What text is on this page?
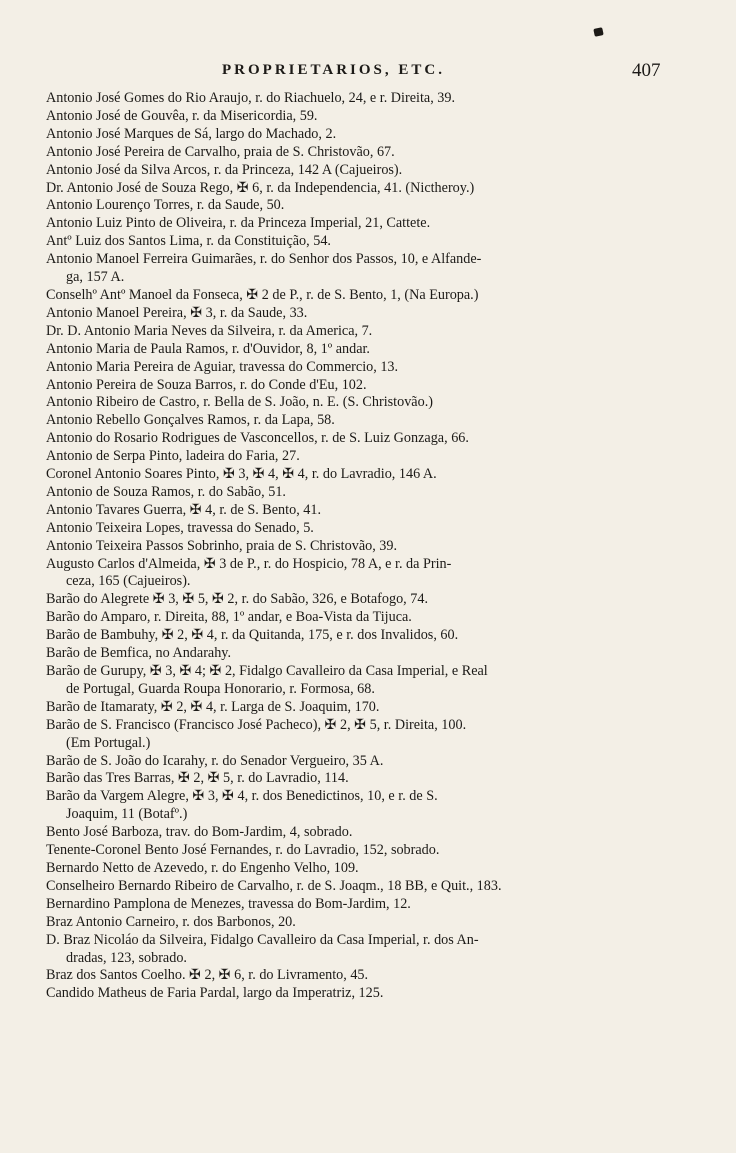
PROPRIETARIOS, ETC.	407
Antonio José Gomes do Rio Araujo, r. do Riachuelo, 24, e r. Direita, 39.
Antonio José de Gouvêa, r. da Misericordia, 59.
Antonio José Marques de Sá, largo do Machado, 2.
Antonio José Pereira de Carvalho, praia de S. Christovão, 67.
Antonio José da Silva Arcos, r. da Princeza, 142 A (Cajueiros).
Dr. Antonio José de Souza Rego, ✠ 6, r. da Independencia, 41. (Nictheroy.)
Antonio Lourenço Torres, r. da Saude, 50.
Antonio Luiz Pinto de Oliveira, r. da Princeza Imperial, 21, Cattete.
Antº Luiz dos Santos Lima, r. da Constituição, 54.
Antonio Manoel Ferreira Guimarães, r. do Senhor dos Passos, 10, e Alfande-
ga, 157 A.
Conselhº Antº Manoel da Fonseca, ✠ 2 de P., r. de S. Bento, 1, (Na Europa.)
Antonio Manoel Pereira, ✠ 3, r. da Saude, 33.
Dr. D. Antonio Maria Neves da Silveira, r. da America, 7.
Antonio Maria de Paula Ramos, r. d'Ouvidor, 8, 1º andar.
Antonio Maria Pereira de Aguiar, travessa do Commercio, 13.
Antonio Pereira de Souza Barros, r. do Conde d'Eu, 102.
Antonio Ribeiro de Castro, r. Bella de S. João, n. E. (S. Christovão.)
Antonio Rebello Gonçalves Ramos, r. da Lapa, 58.
Antonio do Rosario Rodrigues de Vasconcellos, r. de S. Luiz Gonzaga, 66.
Antonio de Serpa Pinto, ladeira do Faria, 27.
Coronel Antonio Soares Pinto, ✠ 3, ✠ 4, ✠ 4, r. do Lavradio, 146 A.
Antonio de Souza Ramos, r. do Sabão, 51.
Antonio Tavares Guerra, ✠ 4, r. de S. Bento, 41.
Antonio Teixeira Lopes, travessa do Senado, 5.
Antonio Teixeira Passos Sobrinho, praia de S. Christovão, 39.
Augusto Carlos d'Almeida, ✠ 3 de P., r. do Hospicio, 78 A, e r. da Prin-
ceza, 165 (Cajueiros).
Barão do Alegrete ✠ 3, ✠ 5, ✠ 2, r. do Sabão, 326, e Botafogo, 74.
Barão do Amparo, r. Direita, 88, 1º andar, e Boa-Vista da Tijuca.
Barão de Bambuhy, ✠ 2, ✠ 4, r. da Quitanda, 175, e r. dos Invalidos, 60.
Barão de Bemfica, no Andarahy.
Barão de Gurupy, ✠ 3, ✠ 4; ✠ 2, Fidalgo Cavalleiro da Casa Imperial, e Real
de Portugal, Guarda Roupa Honorario, r. Formosa, 68.
Barão de Itamaraty, ✠ 2, ✠ 4, r. Larga de S. Joaquim, 170.
Barão de S. Francisco (Francisco José Pacheco), ✠ 2, ✠ 5, r. Direita, 100.
(Em Portugal.)
Barão de S. João do Icarahy, r. do Senador Vergueiro, 35 A.
Barão das Tres Barras, ✠ 2, ✠ 5, r. do Lavradio, 114.
Barão da Vargem Alegre, ✠ 3, ✠ 4, r. dos Benedictinos, 10, e r. de S.
Joaquim, 11 (Botafº.)
Bento José Barboza, trav. do Bom-Jardim, 4, sobrado.
Tenente-Coronel Bento José Fernandes, r. do Lavradio, 152, sobrado.
Bernardo Netto de Azevedo, r. do Engenho Velho, 109.
Conselheiro Bernardo Ribeiro de Carvalho, r. de S. Joaqm., 18 BB, e Quit., 183.
Bernardino Pamplona de Menezes, travessa do Bom-Jardim, 12.
Braz Antonio Carneiro, r. dos Barbonos, 20.
D. Braz Nicoláo da Silveira, Fidalgo Cavalleiro da Casa Imperial, r. dos An-
dradas, 123, sobrado.
Braz dos Santos Coelho. ✠ 2, ✠ 6, r. do Livramento, 45.
Candido Matheus de Faria Pardal, largo da Imperatriz, 125.
